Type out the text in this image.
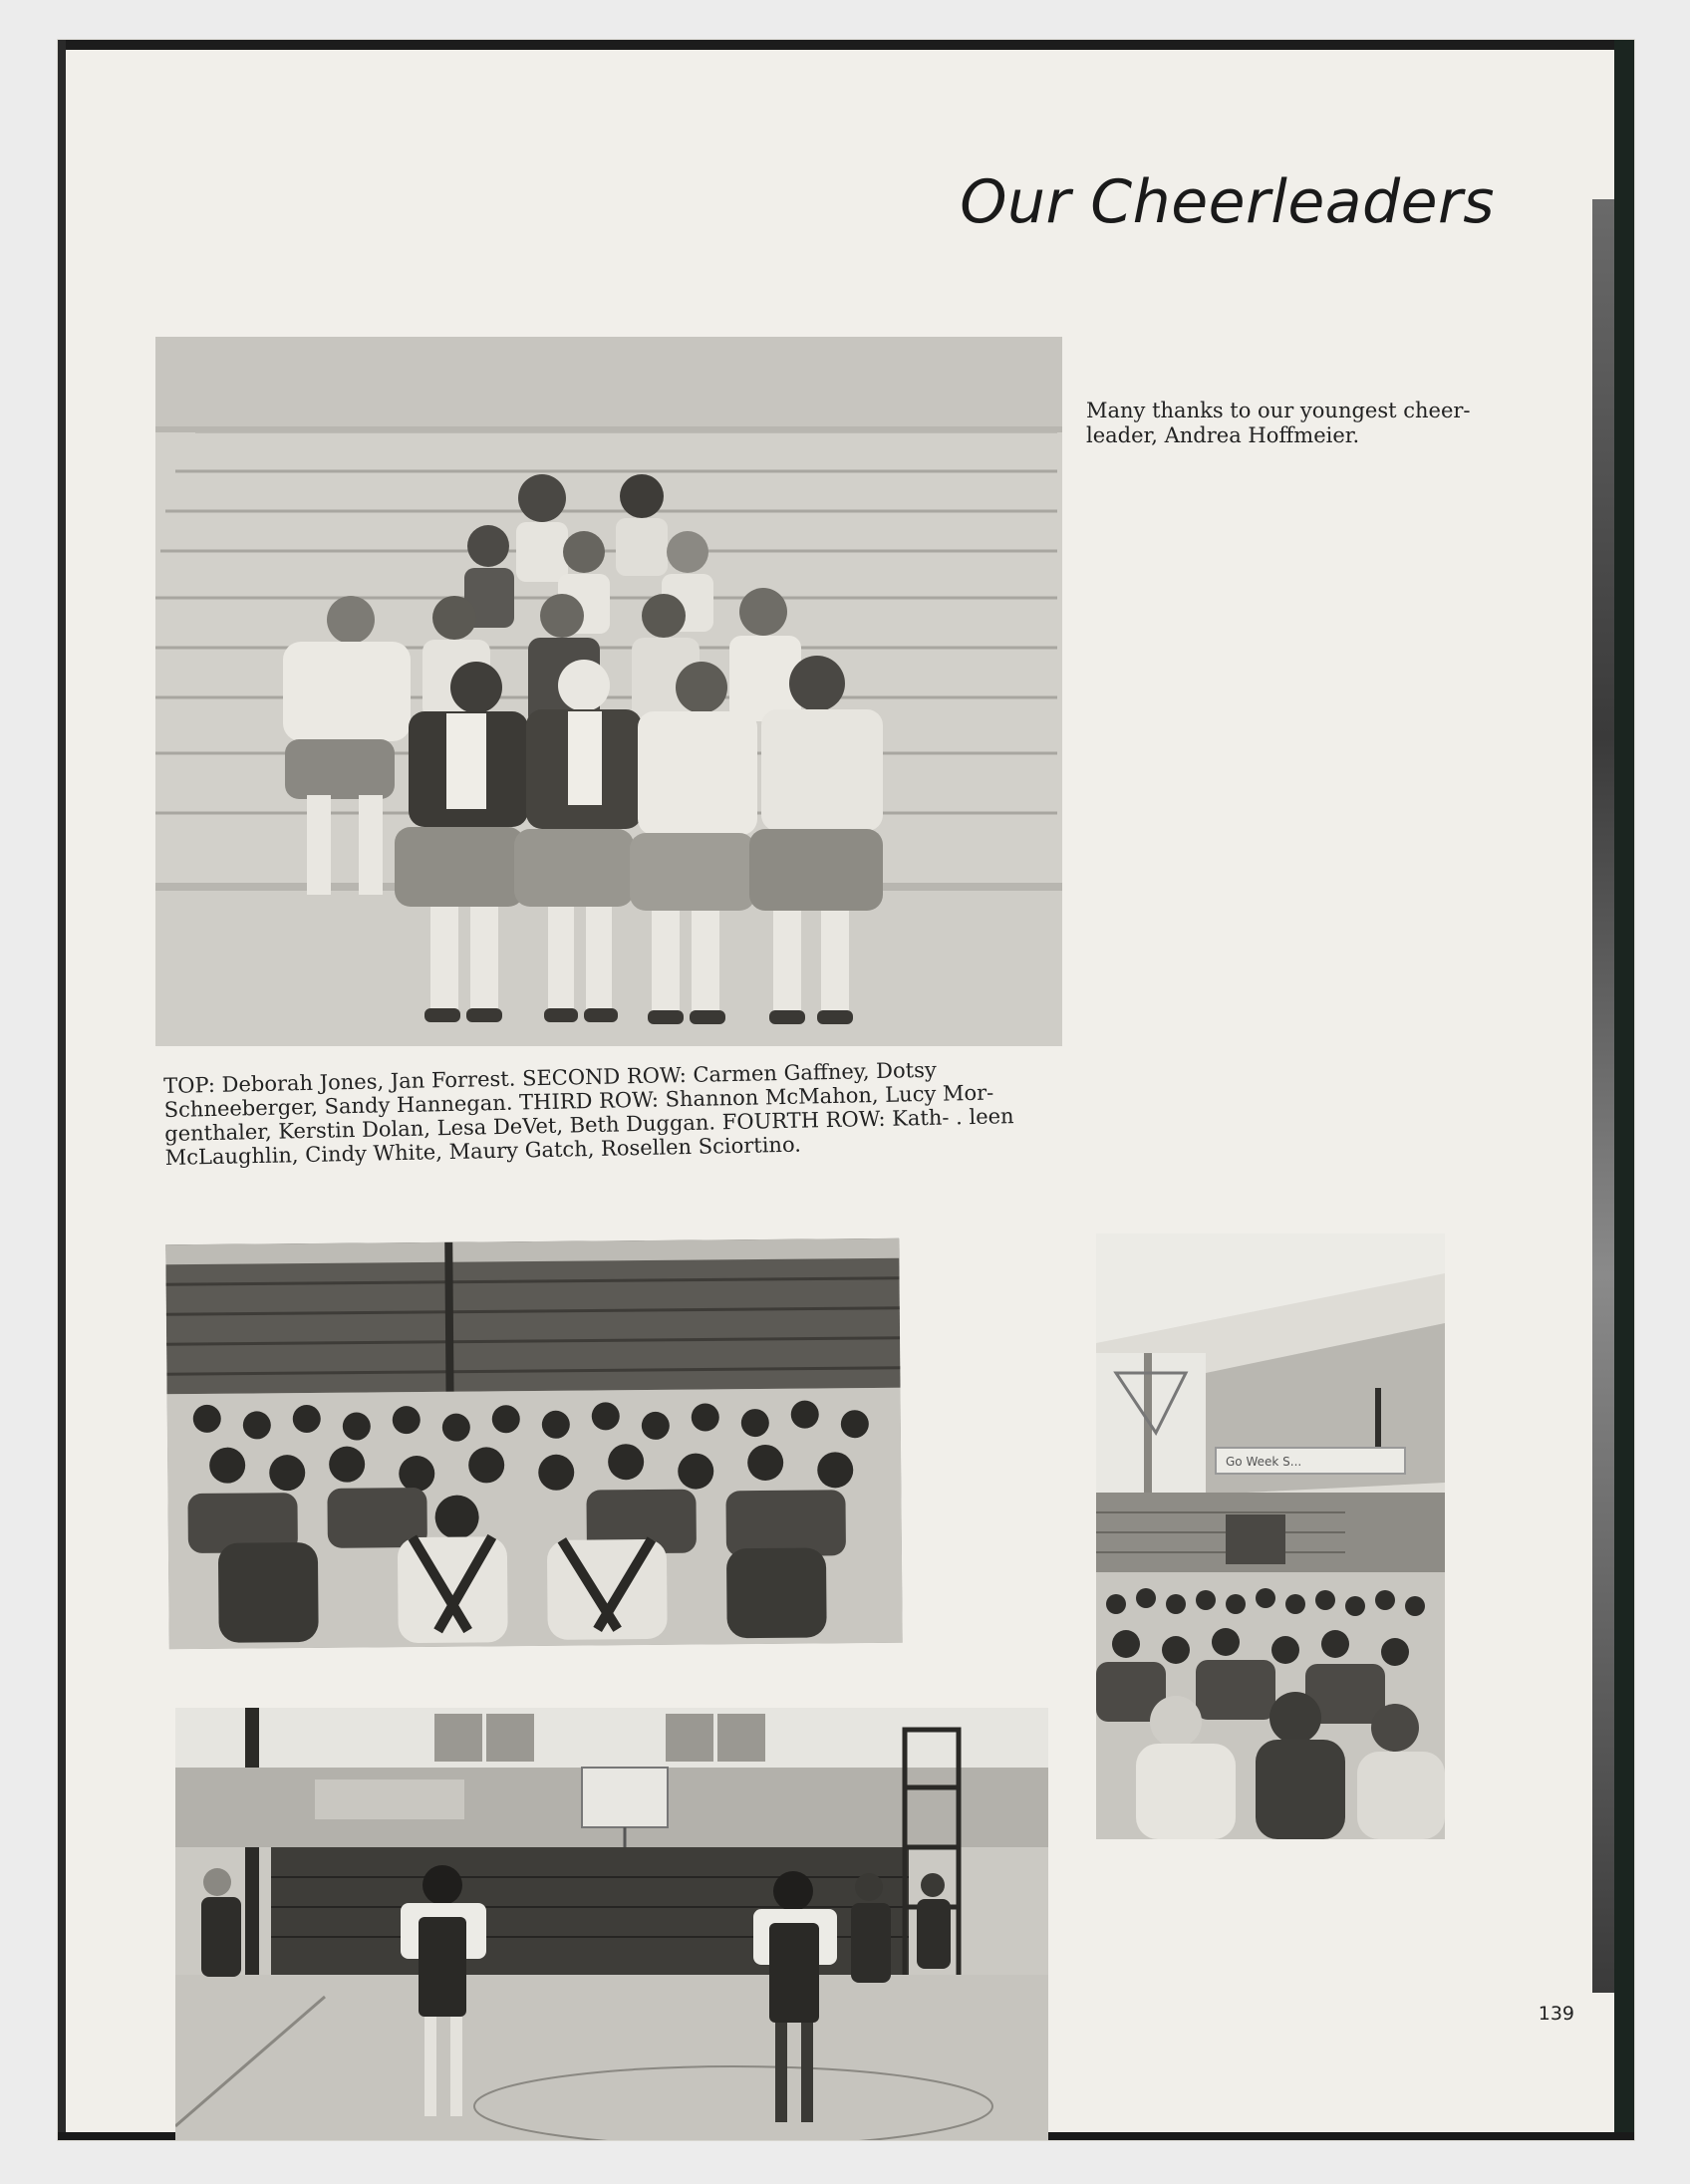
Our Cheerleaders
Many thanks to our youngest cheer- leader, Andrea Hoffmeier.
TOP: Deborah Jones, Jan Forrest. SECOND ROW: Carmen Gaffney, Dotsy Schneeberger, Sandy Hannegan. THIRD ROW: Shannon McMahon, Lucy Mor- genthaler, Kerstin Dolan, Lesa DeVet, Beth Duggan. FOURTH ROW: Kath- . leen McLaughlin, Cindy White, Maury Gatch, Rosellen Sciortino.
Go Week S...
139
